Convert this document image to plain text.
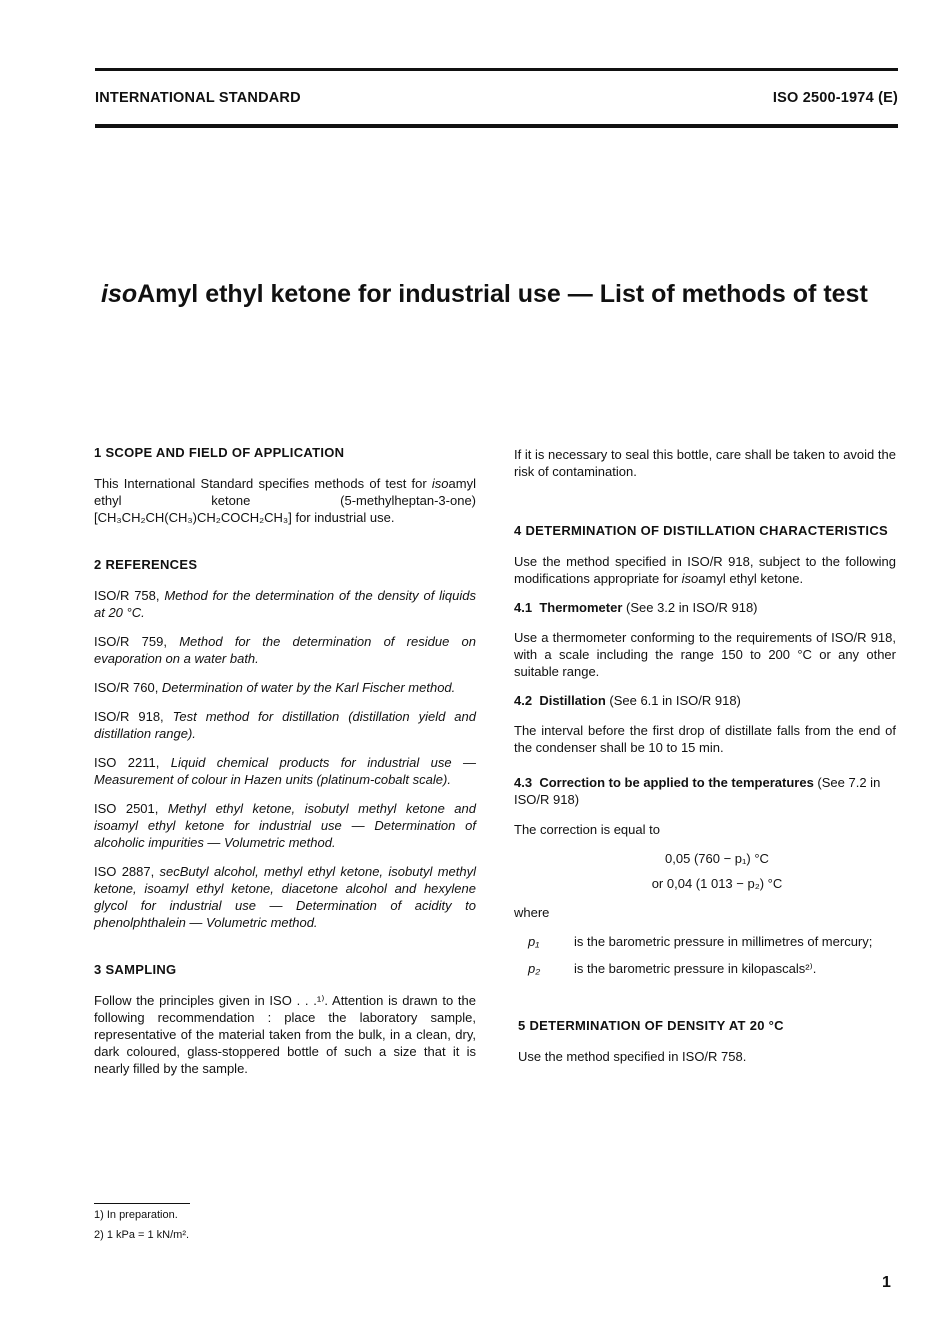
INTERNATIONAL STANDARD	ISO 2500-1974 (E)
isoAmyl ethyl ketone for industrial use — List of methods of test
1 SCOPE AND FIELD OF APPLICATION

This International Standard specifies methods of test for isoamyl ethyl ketone (5-methylheptan-3-one) [CH₃CH₂CH(CH₃)CH₂COCH₂CH₃] for industrial use.

2 REFERENCES
ISO/R 758, Method for the determination of the density of liquids at 20 °C.
ISO/R 759, Method for the determination of residue on evaporation on a water bath.
ISO/R 760, Determination of water by the Karl Fischer method.
ISO/R 918, Test method for distillation (distillation yield and distillation range).
ISO 2211, Liquid chemical products for industrial use — Measurement of colour in Hazen units (platinum-cobalt scale).
ISO 2501, Methyl ethyl ketone, isobutyl methyl ketone and isoamyl ethyl ketone for industrial use — Determination of alcoholic impurities — Volumetric method.
ISO 2887, secButyl alcohol, methyl ethyl ketone, isobutyl methyl ketone, isoamyl ethyl ketone, diacetone alcohol and hexylene glycol for industrial use — Determination of acidity to phenolphthalein — Volumetric method.
3 SAMPLING

Follow the principles given in ISO . . .¹⁾. Attention is drawn to the following recommendation : place the laboratory sample, representative of the material taken from the bulk, in a clean, dry, dark coloured, glass-stoppered bottle of such a size that it is nearly filled by the sample.

If it is necessary to seal this bottle, care shall be taken to avoid the risk of contamination.

4 DETERMINATION OF DISTILLATION CHARACTERISTICS

Use the method specified in ISO/R 918, subject to the following modifications appropriate for isoamyl ethyl ketone.

4.1 Thermometer (See 3.2 in ISO/R 918)

Use a thermometer conforming to the requirements of ISO/R 918, with a scale including the range 150 to 200 °C or any other suitable range.

4.2 Distillation (See 6.1 in ISO/R 918)

The interval before the first drop of distillate falls from the end of the condenser shall be 10 to 15 min.

4.3 Correction to be applied to the temperatures (See 7.2 in ISO/R 918)

The correction is equal to

0,05 (760 − p₁) °C
or 0,04 (1 013 − p₂) °C

where

p₁	is the barometric pressure in millimetres of mercury;
p₂	is the barometric pressure in kilopascals²⁾.
5 DETERMINATION OF DENSITY AT 20 °C

Use the method specified in ISO/R 758.

1) In preparation.
2) 1 kPa = 1 kN/m².
1
